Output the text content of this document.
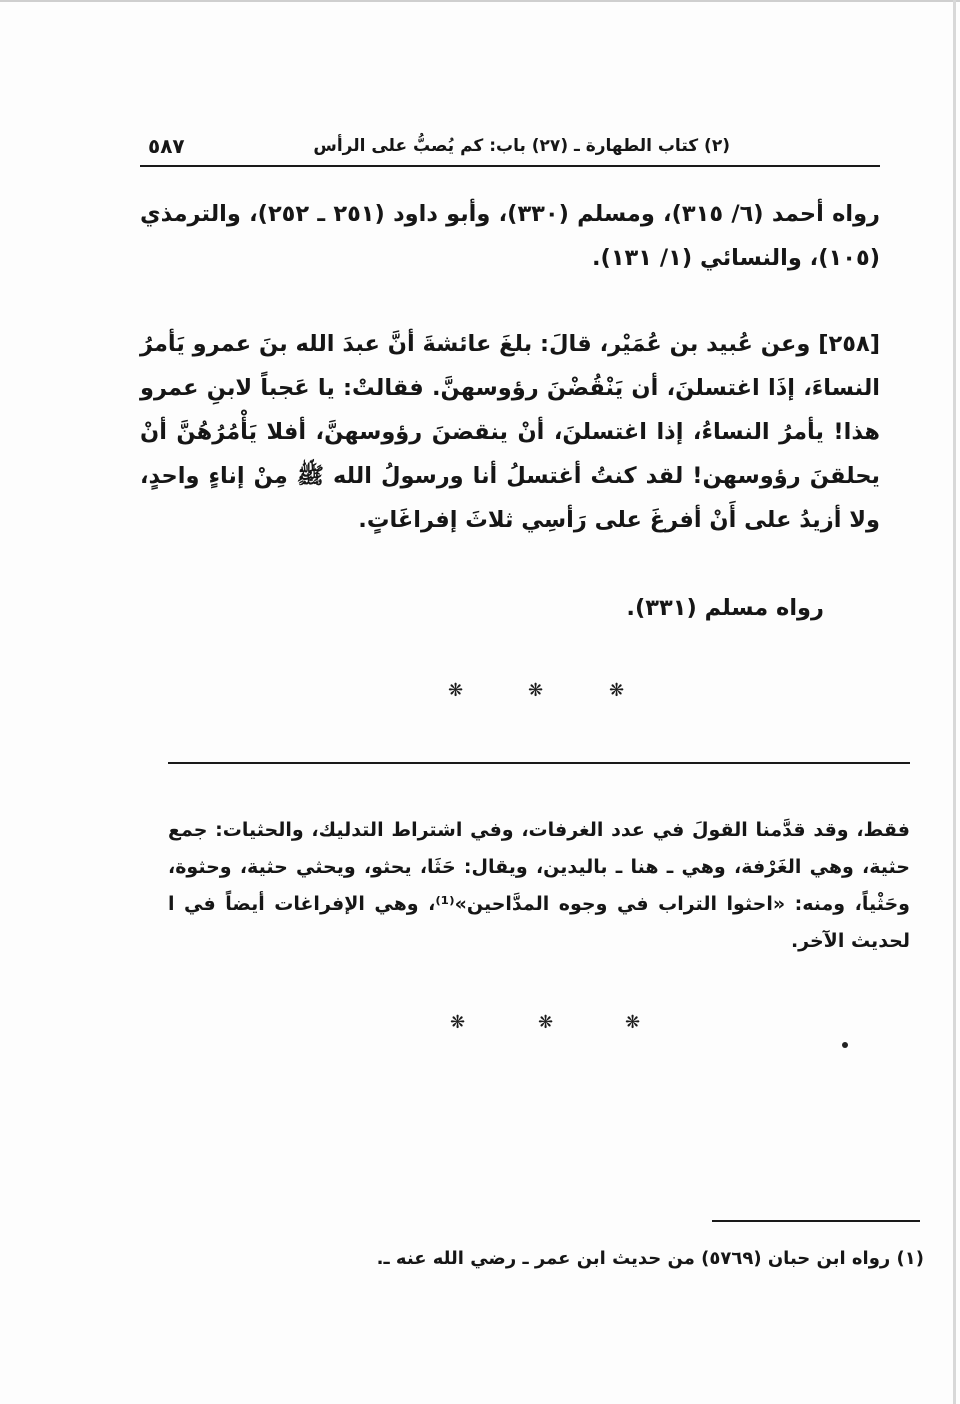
(٢) كتاب الطهارة ـ (٢٧) باب: كم يُصبُّ على الرأس
٥٨٧
رواه أحمد (٦/ ٣١٥)، ومسلم (٣٣٠)، وأبو داود (٢٥١ ـ ٢٥٢)، والترمذي (١٠٥)، والنسائي (١/ ١٣١).
[٢٥٨] وعن عُبيد بن عُمَيْر، قالَ: بلغَ عائشةَ أنَّ عبدَ الله بنَ عمرو يَأمرُ النساءَ، إذَا اغتسلنَ، أن يَنْقُضْنَ رؤوسهنَّ. فقالتْ: يا عَجباً لابنِ عمرو هذا! يأمرُ النساءُ، إذا اغتسلنَ، أنْ ينقضنَ رؤوسهنَّ، أفلا يَأْمُرُهُنَّ أنْ يحلقنَ رؤوسهن! لقد كنتُ أغتسلُ أنا ورسولُ الله ﷺ مِنْ إناءٍ واحدٍ، ولا أزيدُ على أَنْ أفرغَ على رَأسِي ثلاثَ إفراغَاتٍ.
رواه مسلم (٣٣١).
❋	❋	❋
فقط، وقد قدَّمنا القولَ في عدد الغرفات، وفي اشتراط التدليك، والحثيات: جمع حثية، وهي الغَرْفة، وهي ـ هنا ـ باليدين، ويقال: حَثَا، يحثو، ويحثي حثية، وحثوة، وحَثْياً، ومنه: «احثوا التراب في وجوه المدَّاحين»⁽¹⁾، وهي الإفراغات أيضاً في ا لحديث الآخر.
❋	❋	❋
(١) رواه ابن حبان (٥٧٦٩) من حديث ابن عمر ـ رضي الله عنه ـ.
